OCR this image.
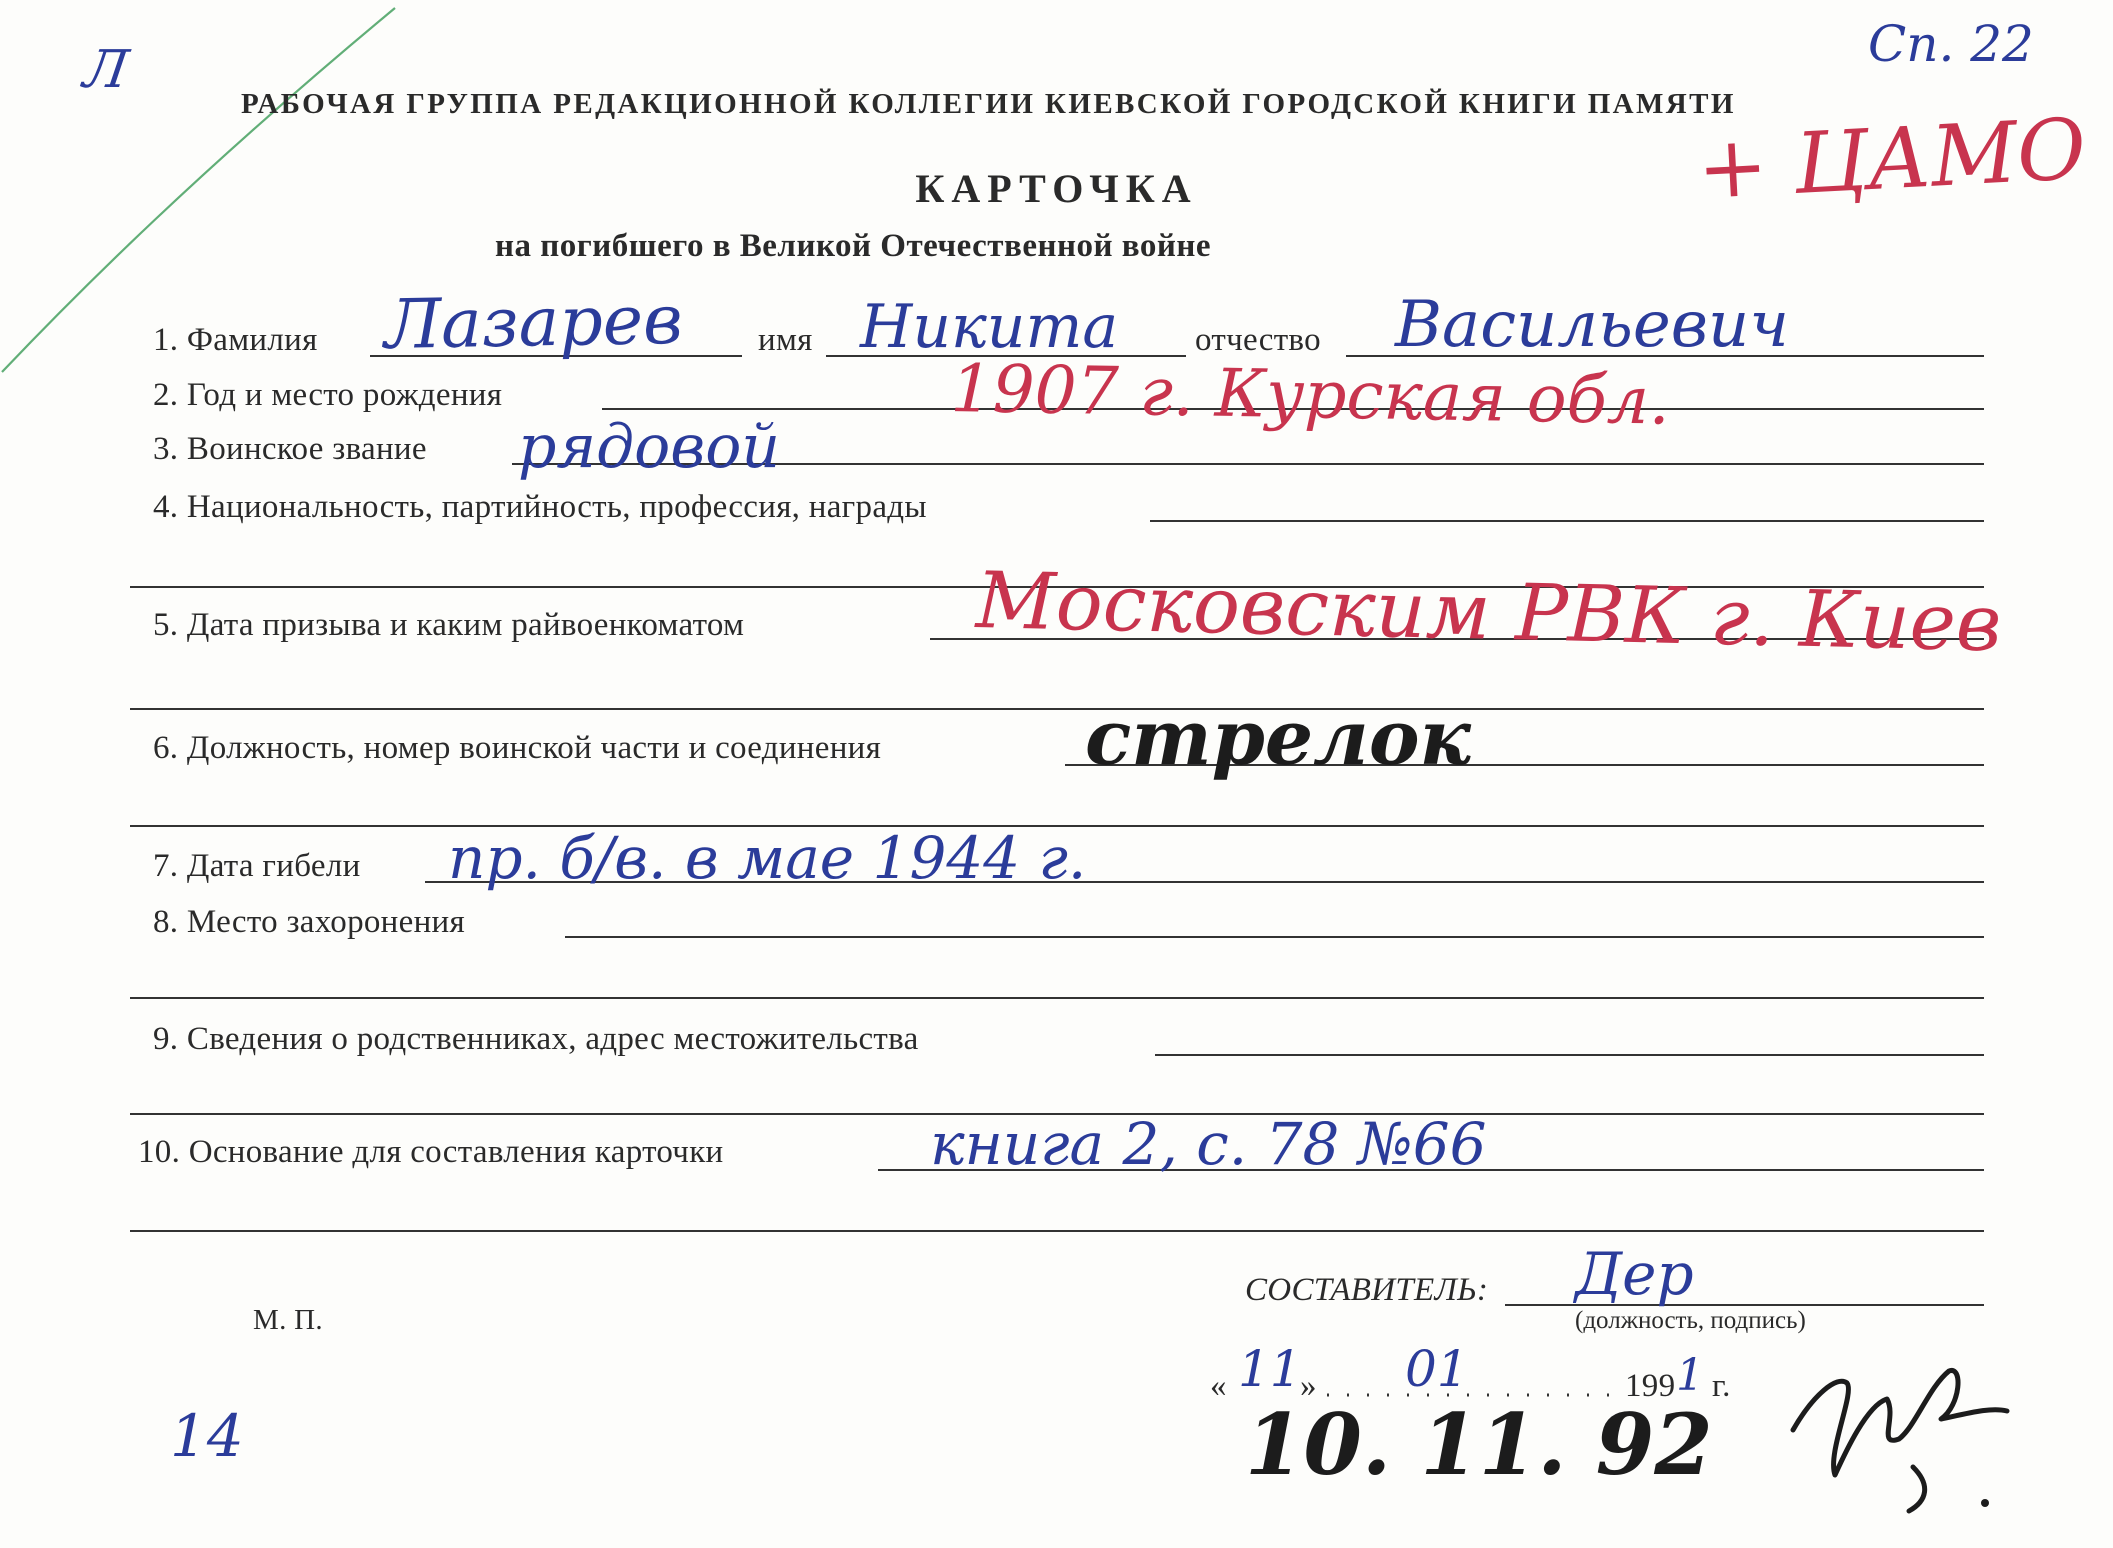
Л	Сп. 22
+ ЦАМО
РАБОЧАЯ ГРУППА РЕДАКЦИОННОЙ КОЛЛЕГИИ КИЕВСКОЙ ГОРОДСКОЙ КНИГИ ПАМЯТИ
КАРТОЧКА
на погибшего в Великой Отечественной войне
1. Фамилия Лазарев имя Никита отчество Васильевич
2. Год и место рождения	1907 г. Курская обл.
3. Воинское звание рядовой
4. Национальность, партийность, профессия, награды
5. Дата призыва и каким райвоенкоматом	Московским РВК г. Киев
6. Должность, номер воинской части и соединения	стрелок
7. Дата гибели пр. б/в. в мае 1944 г.
8. Место захоронения
9. Сведения о родственниках, адрес местожительства
10. Основание для составления карточки	книга 2, с. 78 №66
СОСТАВИТЕЛЬ: Дер
(должность, подпись)
М. П.
« 11
» 01	199 1 г.
10. 11. 92
14
